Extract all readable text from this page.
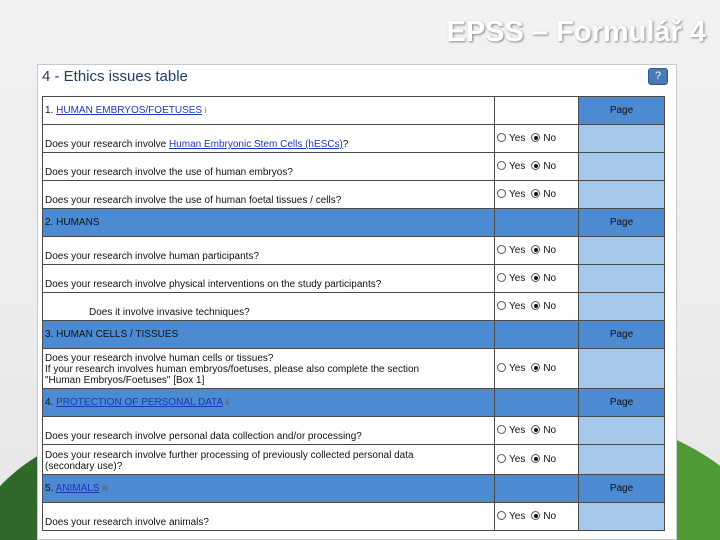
EPSS – Formulář 4
4 - Ethics issues table	?
1. HUMAN EMBRYOS/FOETUSES i		Page
Does your research involve Human Embryonic Stem Cells (hESCs)?	Yes No	
Does your research involve the use of human embryos?	Yes No	
Does your research involve the use of human foetal tissues / cells?	Yes No	
2. HUMANS		Page
Does your research involve human participants?	Yes No	
Does your research involve physical interventions on the study participants?	Yes No	
Does it involve invasive techniques?	Yes No	
3. HUMAN CELLS / TISSUES		Page
Does your research involve human cells or tissues?
If your research involves human embryos/foetuses, please also complete the section
"Human Embryos/Foetuses" [Box 1]	Yes No	
4. PROTECTION OF PERSONAL DATA ii		Page
Does your research involve personal data collection and/or processing?	Yes No	
Does your research involve further processing of previously collected personal data
(secondary use)?	Yes No	
5. ANIMALS iii		Page
Does your research involve animals?	Yes No	
